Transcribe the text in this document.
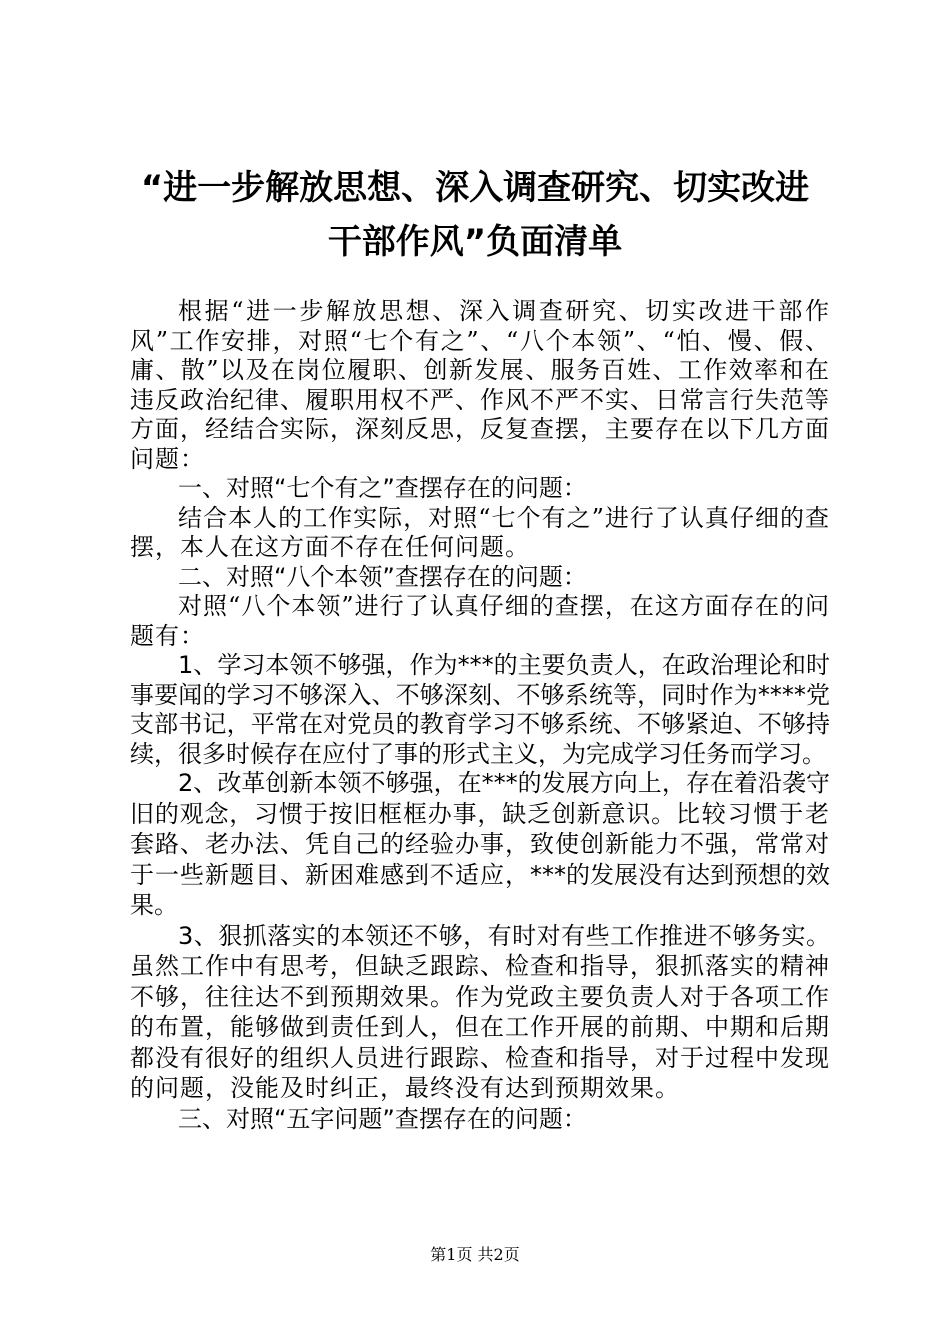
“进一步解放思想、深入调查研究、切实改进
干部作风”负面清单

根据“进一步解放思想、深入调查研究、切实改进干部作风”工作安排，对照“七个有之”、“八个本领”、“怕、慢、假、庸、散”以及在岗位履职、创新发展、服务百姓、工作效率和在违反政治纪律、履职用权不严、作风不严不实、日常言行失范等方面，经结合实际，深刻反思，反复查摆，主要存在以下几方面问题：

一、对照“七个有之”查摆存在的问题：

结合本人的工作实际，对照“七个有之”进行了认真仔细的查摆，本人在这方面不存在任何问题。

二、对照“八个本领”查摆存在的问题：

对照“八个本领”进行了认真仔细的查摆，在这方面存在的问题有：

1、学习本领不够强，作为***的主要负责人，在政治理论和时事要闻的学习不够深入、不够深刻、不够系统等，同时作为****党支部书记，平常在对党员的教育学习不够系统、不够紧迫、不够持续，很多时候存在应付了事的形式主义，为完成学习任务而学习。

2、改革创新本领不够强，在***的发展方向上，存在着沿袭守旧的观念，习惯于按旧框框办事，缺乏创新意识。比较习惯于老套路、老办法、凭自己的经验办事，致使创新能力不强，常常对于一些新题目、新困难感到不适应，***的发展没有达到预想的效果。

3、狠抓落实的本领还不够，有时对有些工作推进不够务实。虽然工作中有思考，但缺乏跟踪、检查和指导，狠抓落实的精神不够，往往达不到预期效果。作为党政主要负责人对于各项工作的布置，能够做到责任到人，但在工作开展的前期、中期和后期都没有很好的组织人员进行跟踪、检查和指导，对于过程中发现的问题，没能及时纠正，最终没有达到预期效果。

三、对照“五字问题”查摆存在的问题：

第1页 共2页
